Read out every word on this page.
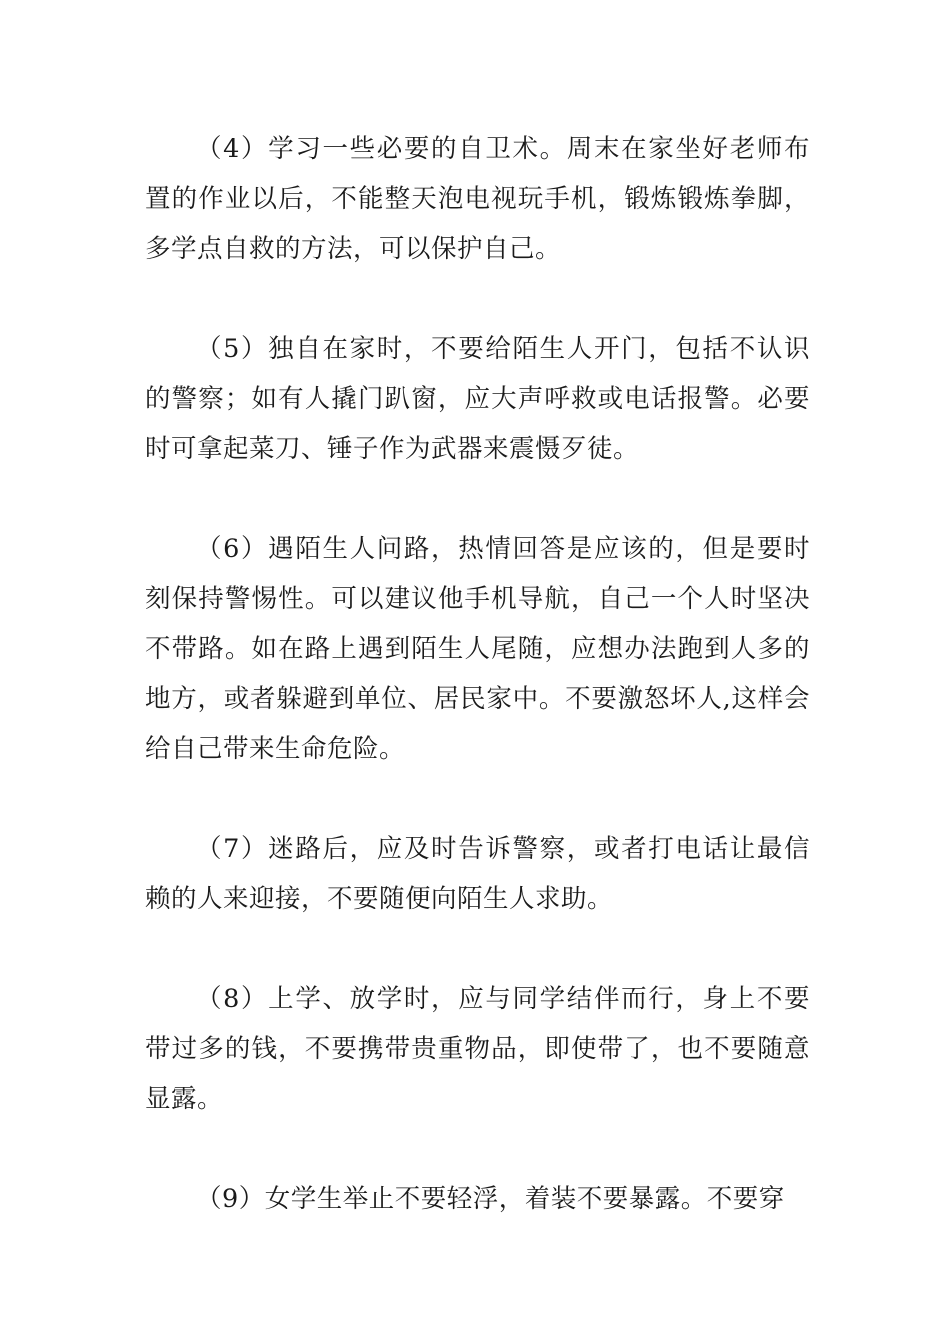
（4）学习一些必要的自卫术。周末在家坐好老师布置的作业以后，不能整天泡电视玩手机，锻炼锻炼拳脚，多学点自救的方法，可以保护自己。

（5）独自在家时，不要给陌生人开门，包括不认识的警察；如有人撬门趴窗，应大声呼救或电话报警。必要时可拿起菜刀、锤子作为武器来震慑歹徒。

（6）遇陌生人问路，热情回答是应该的，但是要时刻保持警惕性。可以建议他手机导航，自己一个人时坚决不带路。如在路上遇到陌生人尾随，应想办法跑到人多的地方，或者躲避到单位、居民家中。不要激怒坏人,这样会给自己带来生命危险。

（7）迷路后，应及时告诉警察，或者打电话让最信赖的人来迎接，不要随便向陌生人求助。

（8）上学、放学时，应与同学结伴而行，身上不要带过多的钱，不要携带贵重物品，即使带了，也不要随意显露。

（9）女学生举止不要轻浮，着装不要暴露。不要穿
